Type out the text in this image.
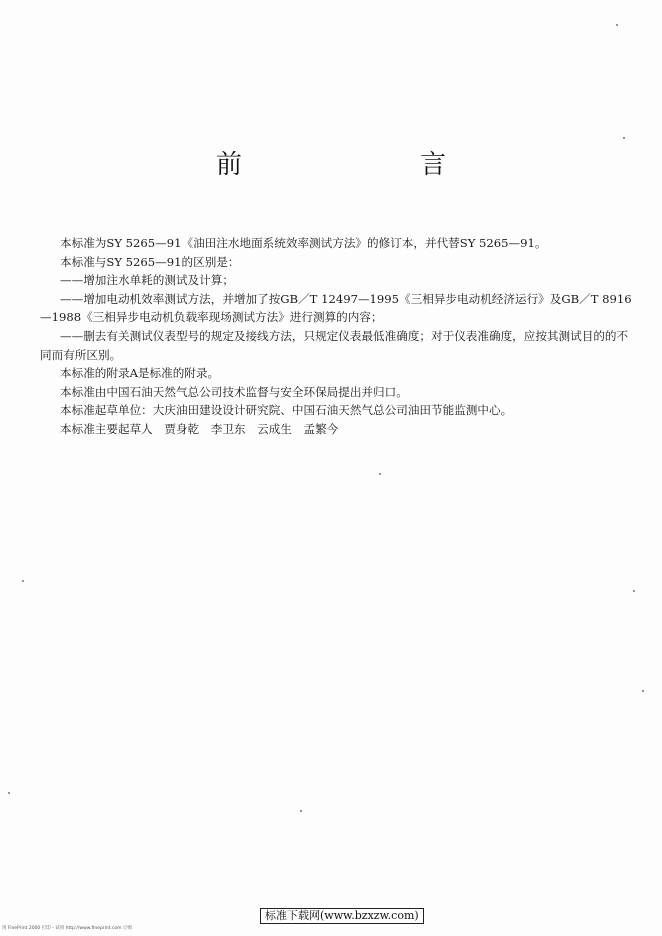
前　言

本标准为SY 5265—91《油田注水地面系统效率测试方法》的修订本，并代替SY 5265—91。

本标准与SY 5265—91的区别是：

——增加注水单耗的测试及计算；

——增加电动机效率测试方法，并增加了按GB／T 12497—1995《三相异步电动机经济运行》及GB／T 8916—1988《三相异步电动机负载率现场测试方法》进行测算的内容；

——删去有关测试仪表型号的规定及接线方法，只规定仪表最低准确度；对于仪表准确度，应按其测试目的的不同而有所区别。

本标准的附录A是标准的附录。

本标准由中国石油天然气总公司技术监督与安全环保局提出并归口。

本标准起草单位：大庆油田建设设计研究院、中国石油天然气总公司油田节能监测中心。

本标准主要起草人　贾身乾　李卫东　云成生　孟繁今

标准下载网(www.bzxzw.com)
用 FinePrint 2000 打印 - 试用 http://www.fineprint.com 订购
